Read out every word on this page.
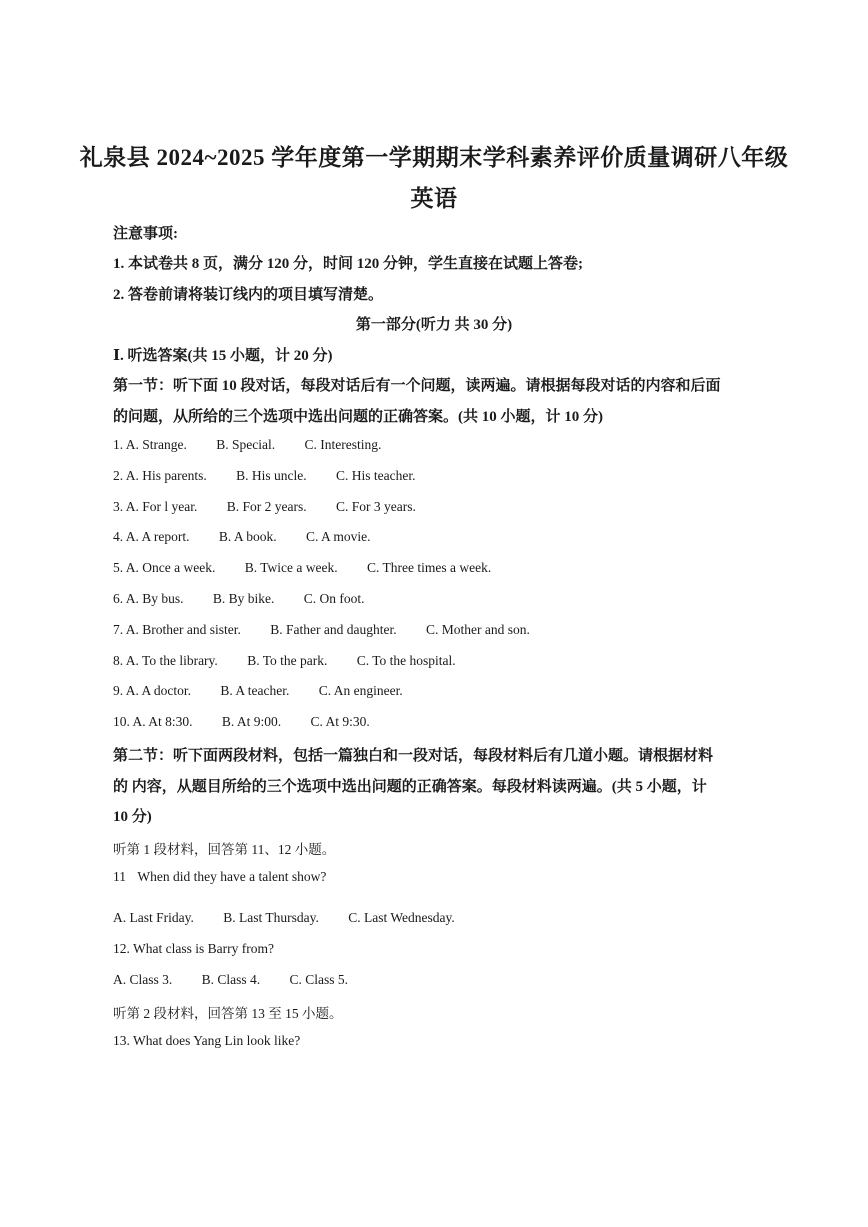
礼泉县 2024~2025 学年度第一学期期末学科素养评价质量调研八年级
英语
注意事项:
1. 本试卷共 8 页，满分 120 分，时间 120 分钟，学生直接在试题上答卷;
2. 答卷前请将装订线内的项目填写清楚。
第一部分(听力 共 30 分)
Ⅰ. 听选答案(共 15 小题，计 20 分)
第一节：听下面 10 段对话，每段对话后有一个问题，读两遍。请根据每段对话的内容和后面
的问题，从所给的三个选项中选出问题的正确答案。(共 10 小题，计 10 分)
1. A. Strange. B. Special. C. Interesting.
2. A. His parents. B. His uncle. C. His teacher.
3. A. For l year. B. For 2 years. C. For 3 years.
4. A. A report. B. A book. C. A movie.
5. A. Once a week. B. Twice a week. C. Three times a week.
6. A. By bus. B. By bike. C. On foot.
7. A. Brother and sister. B. Father and daughter. C. Mother and son.
8. A. To the library. B. To the park. C. To the hospital.
9. A. A doctor. B. A teacher. C. An engineer.
10. A. At 8:30. B. At 9:00. C. At 9:30.
第二节：听下面两段材料，包括一篇独白和一段对话，每段材料后有几道小题。请根据材料
的 内容，从题目所给的三个选项中选出问题的正确答案。每段材料读两遍。(共 5 小题，计
10 分)
听第 1 段材料，回答第 11、12 小题。
11 When did they have a talent show?
A. Last Friday. B. Last Thursday. C. Last Wednesday.
12. What class is Barry from?
A. Class 3. B. Class 4. C. Class 5.
听第 2 段材料，回答第 13 至 15 小题。
13. What does Yang Lin look like?
